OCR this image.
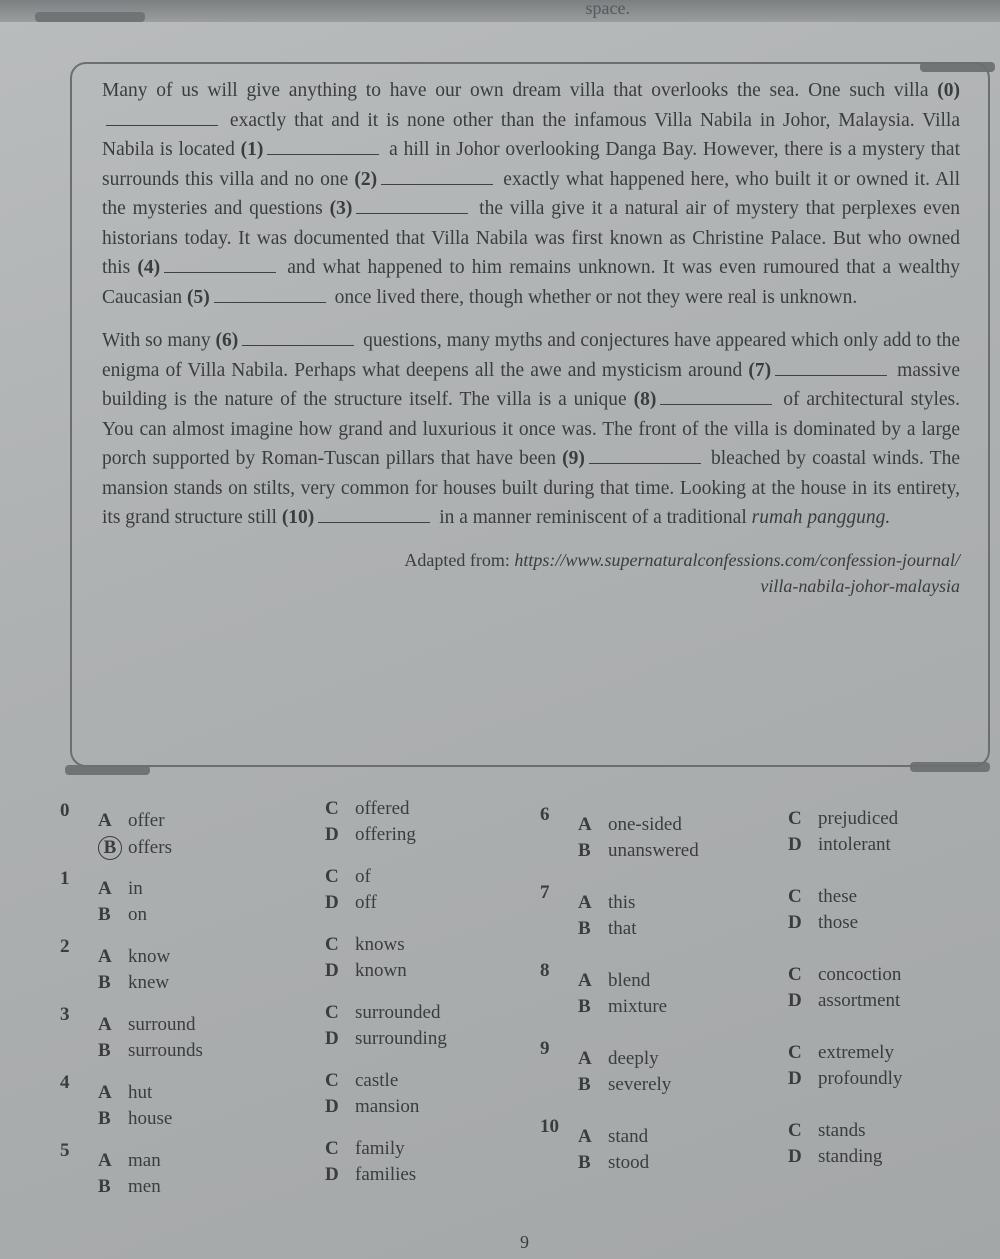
space.

Many of us will give anything to have our own dream villa that overlooks the sea. One such villa (0) exactly that and it is none other than the infamous Villa Nabila in Johor, Malaysia. Villa Nabila is located (1)	a hill in Johor overlooking Danga Bay. However, there is a mystery that surrounds this villa and no one (2)	exactly what happened here, who built it or owned it. All the mysteries and questions (3)	the villa give it a natural air of mystery that perplexes even historians today. It was documented that Villa Nabila was first known as Christine Palace. But who owned this (4)	and what happened to him remains unknown. It was even rumoured that a wealthy Caucasian (5)	once lived there, though whether or not they were real is unknown.

With so many (6)	questions, many myths and conjectures have appeared which only add to the enigma of Villa Nabila. Perhaps what deepens all the awe and mysticism around (7)	massive building is the nature of the structure itself. The villa is a unique (8)	of architectural styles. You can almost imagine how grand and luxurious it once was. The front of the villa is dominated by a large porch supported by Roman-Tuscan pillars that have been (9)	bleached by coastal winds. The mansion stands on stilts, very common for houses built during that time. Looking at the house in its entirety, its grand structure still (10)	in a manner reminiscent of a traditional rumah panggung.

Adapted from: https://www.supernaturalconfessions.com/confession-journal/
villa-nabila-johor-malaysia
0	A offer
B offers
C offered
D offering
1	A in
B on
C of
D off
2	A know
B knew
C knows
D known
3	A surround
B surrounds
C surrounded
D surrounding
4	A hut
B house
C castle
D mansion
5	A man
B men
C family
D families
6	A one-sided
B unanswered
C prejudiced
D intolerant
7	A this
B that
C these
D those
8	A blend
B mixture
C concoction
D assortment
9	A deeply
B severely
C extremely
D profoundly
10	A stand
B stood
C stands
D standing
9
